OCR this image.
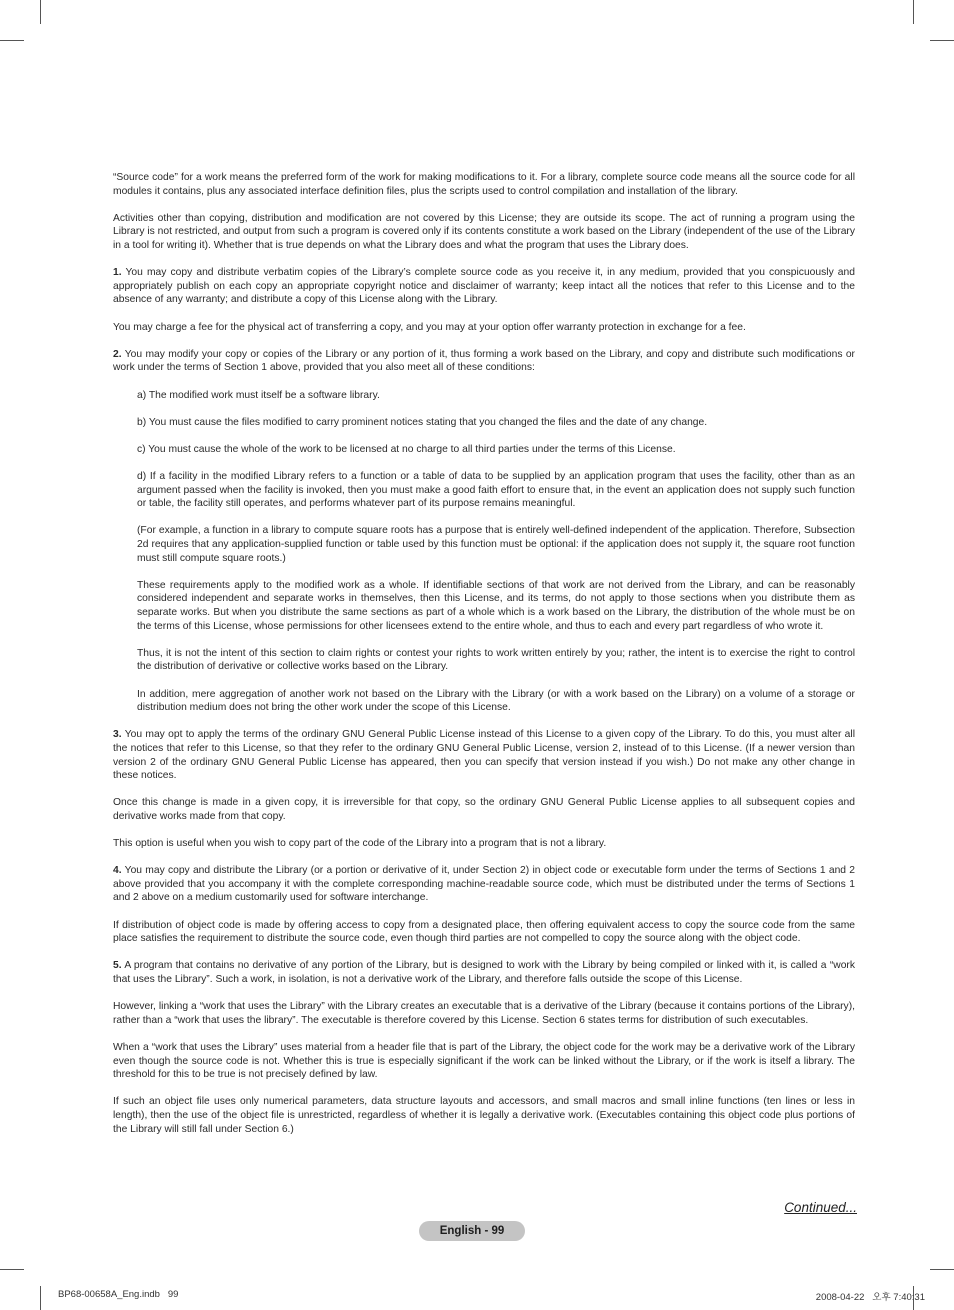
“Source code” for a work means the preferred form of the work for making modifications to it. For a library, complete source code means all the source code for all modules it contains, plus any associated interface definition files, plus the scripts used to control compilation and installation of the library.

Activities other than copying, distribution and modification are not covered by this License; they are outside its scope. The act of running a program using the Library is not restricted, and output from such a program is covered only if its contents constitute a work based on the Library (independent of the use of the Library in a tool for writing it). Whether that is true depends on what the Library does and what the program that uses the Library does.

1. You may copy and distribute verbatim copies of the Library’s complete source code as you receive it, in any medium, provided that you conspicuously and appropriately publish on each copy an appropriate copyright notice and disclaimer of warranty; keep intact all the notices that refer to this License and to the absence of any warranty; and distribute a copy of this License along with the Library.

You may charge a fee for the physical act of transferring a copy, and you may at your option offer warranty protection in exchange for a fee.

2. You may modify your copy or copies of the Library or any portion of it, thus forming a work based on the Library, and copy and distribute such modifications or work under the terms of Section 1 above, provided that you also meet all of these conditions:

a) The modified work must itself be a software library.

b) You must cause the files modified to carry prominent notices stating that you changed the files and the date of any change.

c) You must cause the whole of the work to be licensed at no charge to all third parties under the terms of this License.

d) If a facility in the modified Library refers to a function or a table of data to be supplied by an application program that uses the facility, other than as an argument passed when the facility is invoked, then you must make a good faith effort to ensure that, in the event an application does not supply such function or table, the facility still operates, and performs whatever part of its purpose remains meaningful.

(For example, a function in a library to compute square roots has a purpose that is entirely well-defined independent of the application. Therefore, Subsection 2d requires that any application-supplied function or table used by this function must be optional: if the application does not supply it, the square root function must still compute square roots.)

These requirements apply to the modified work as a whole. If identifiable sections of that work are not derived from the Library, and can be reasonably considered independent and separate works in themselves, then this License, and its terms, do not apply to those sections when you distribute them as separate works. But when you distribute the same sections as part of a whole which is a work based on the Library, the distribution of the whole must be on the terms of this License, whose permissions for other licensees extend to the entire whole, and thus to each and every part regardless of who wrote it.

Thus, it is not the intent of this section to claim rights or contest your rights to work written entirely by you; rather, the intent is to exercise the right to control the distribution of derivative or collective works based on the Library.

In addition, mere aggregation of another work not based on the Library with the Library (or with a work based on the Library) on a volume of a storage or distribution medium does not bring the other work under the scope of this License.

3. You may opt to apply the terms of the ordinary GNU General Public License instead of this License to a given copy of the Library. To do this, you must alter all the notices that refer to this License, so that they refer to the ordinary GNU General Public License, version 2, instead of to this License. (If a newer version than version 2 of the ordinary GNU General Public License has appeared, then you can specify that version instead if you wish.) Do not make any other change in these notices.

Once this change is made in a given copy, it is irreversible for that copy, so the ordinary GNU General Public License applies to all subsequent copies and derivative works made from that copy.

This option is useful when you wish to copy part of the code of the Library into a program that is not a library.

4. You may copy and distribute the Library (or a portion or derivative of it, under Section 2) in object code or executable form under the terms of Sections 1 and 2 above provided that you accompany it with the complete corresponding machine-readable source code, which must be distributed under the terms of Sections 1 and 2 above on a medium customarily used for software interchange.

If distribution of object code is made by offering access to copy from a designated place, then offering equivalent access to copy the source code from the same place satisfies the requirement to distribute the source code, even though third parties are not compelled to copy the source along with the object code.

5. A program that contains no derivative of any portion of the Library, but is designed to work with the Library by being compiled or linked with it, is called a “work that uses the Library”. Such a work, in isolation, is not a derivative work of the Library, and therefore falls outside the scope of this License.

However, linking a “work that uses the Library” with the Library creates an executable that is a derivative of the Library (because it contains portions of the Library), rather than a “work that uses the library”. The executable is therefore covered by this License. Section 6 states terms for distribution of such executables.

When a “work that uses the Library” uses material from a header file that is part of the Library, the object code for the work may be a derivative work of the Library even though the source code is not. Whether this is true is especially significant if the work can be linked without the Library, or if the work is itself a library. The threshold for this to be true is not precisely defined by law.

If such an object file uses only numerical parameters, data structure layouts and accessors, and small macros and small inline functions (ten lines or less in length), then the use of the object file is unrestricted, regardless of whether it is legally a derivative work. (Executables containing this object code plus portions of the Library will still fall under Section 6.)

Continued...
English - 99
BP68-00658A_Eng.indb   99	2008-04-22   오후 7:40:31
